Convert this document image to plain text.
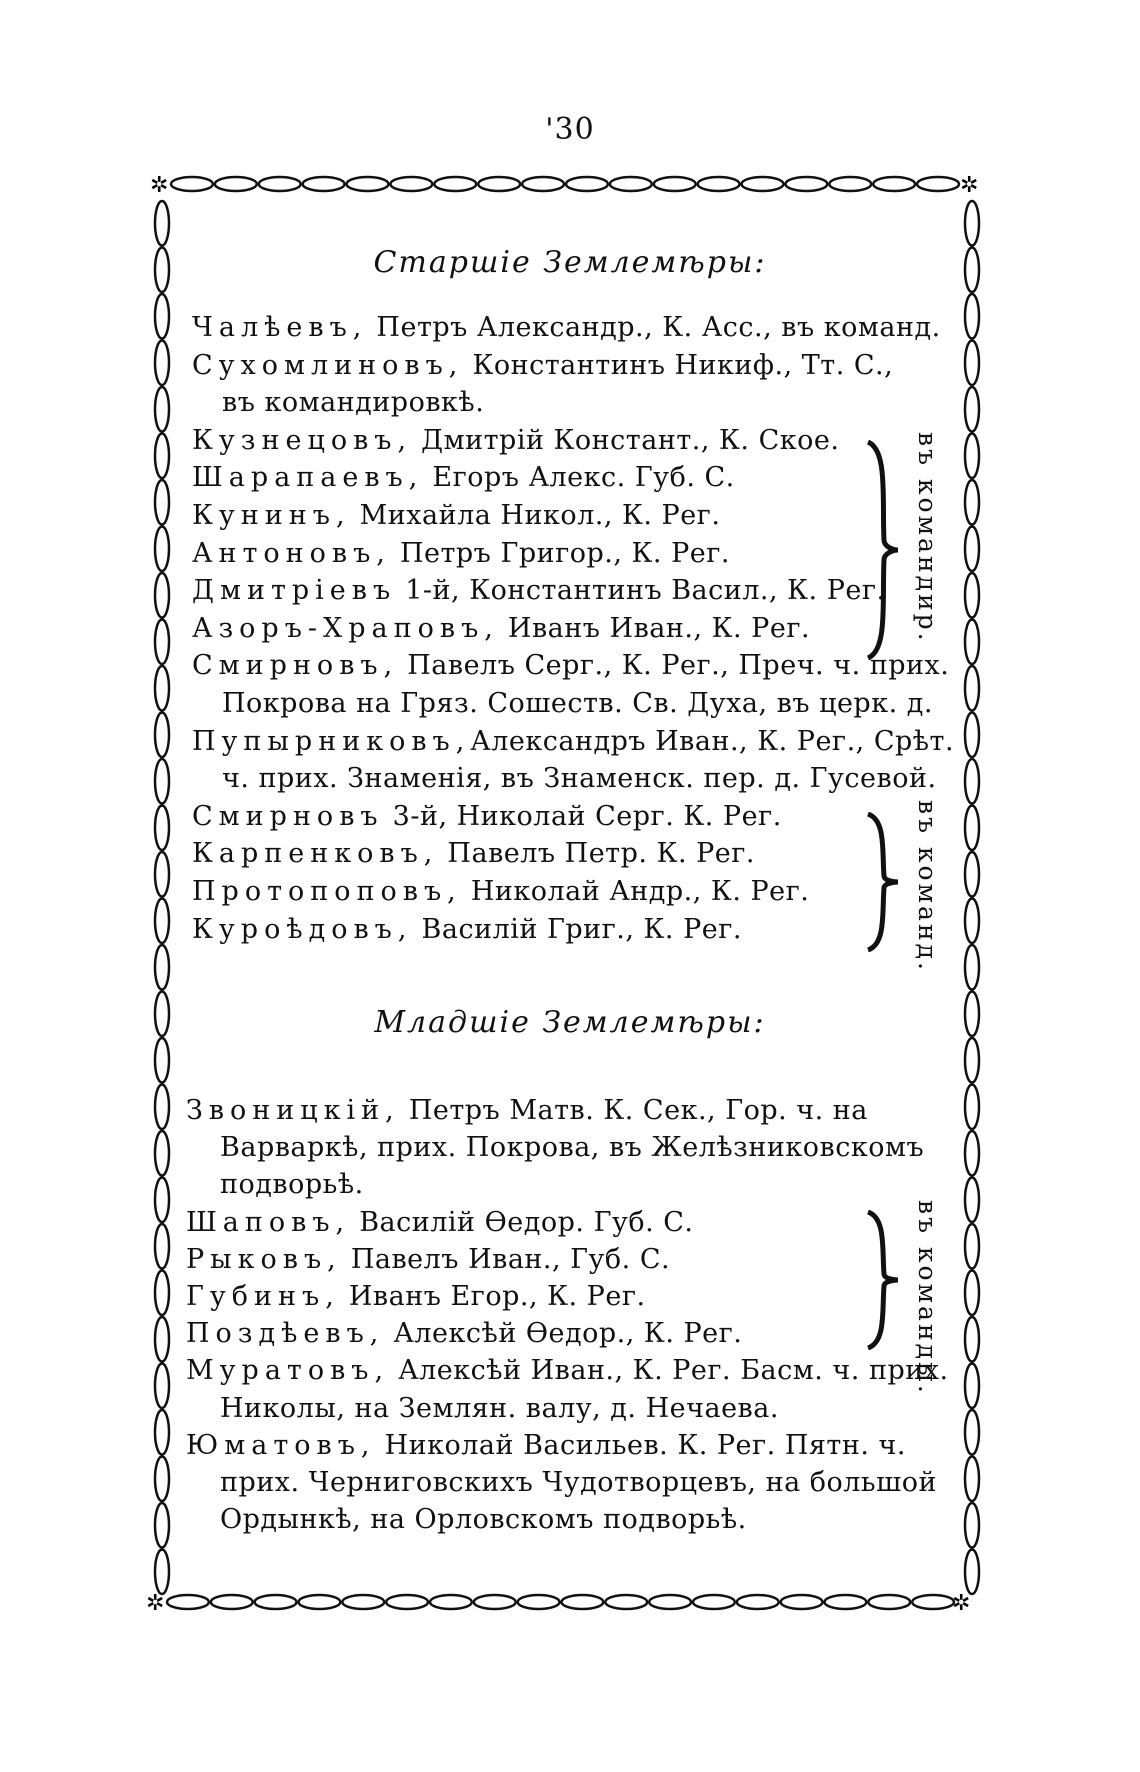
'30
✲	✲
✲	✲
Старшіе Землемѣры:
Чалѣевъ, Петръ Александр., К. Асс., въ команд.
Сухомлиновъ, Константинъ Никиф., Тт. С.,
въ командировкѣ.
Кузнецовъ, Дмитрій Констант., К. Ское.
Шарапаевъ, Егоръ Алекс. Губ. С.
Кунинъ, Михайла Никол., К. Рег.
Антоновъ, Петръ Григор., К. Рег.
Дмитріевъ 1-й, Константинъ Васил., К. Рег.
Азоръ-Храповъ, Иванъ Иван., К. Рег.
Смирновъ, Павелъ Серг., К. Рег., Преч. ч. прих.
Покрова на Гряз. Сошеств. Св. Духа, въ церк. д.
Пупырниковъ,Александръ Иван., К. Рег., Срѣт.
ч. прих. Знаменія, въ Знаменск. пер. д. Гусевой.
Смирновъ 3-й, Николай Серг. К. Рег.
Карпенковъ, Павелъ Петр. К. Рег.
Протопоповъ, Николай Андр., К. Рег.
Куроѣдовъ, Василій Григ., К. Рег.
Младшіе Землемѣры:
Звоницкій, Петръ Матв. К. Сек., Гор. ч. на
Варваркѣ, прих. Покрова, въ Желѣзниковскомъ
подворьѣ.
Шаповъ, Василій Ѳедор. Губ. С.
Рыковъ, Павелъ Иван., Губ. С.
Губинъ, Иванъ Егор., К. Рег.
Поздѣевъ, Алексѣй Ѳедор., К. Рег.
Муратовъ, Алексѣй Иван., К. Рег. Басм. ч. прих.
Николы, на Землян. валу, д. Нечаева.
Юматовъ, Николай Васильев. К. Рег. Пятн. ч.
прих. Черниговскихъ Чудотворцевъ, на большой
Ордынкѣ, на Орловскомъ подворьѣ.
въ командир.
въ команд.
въ команды.
